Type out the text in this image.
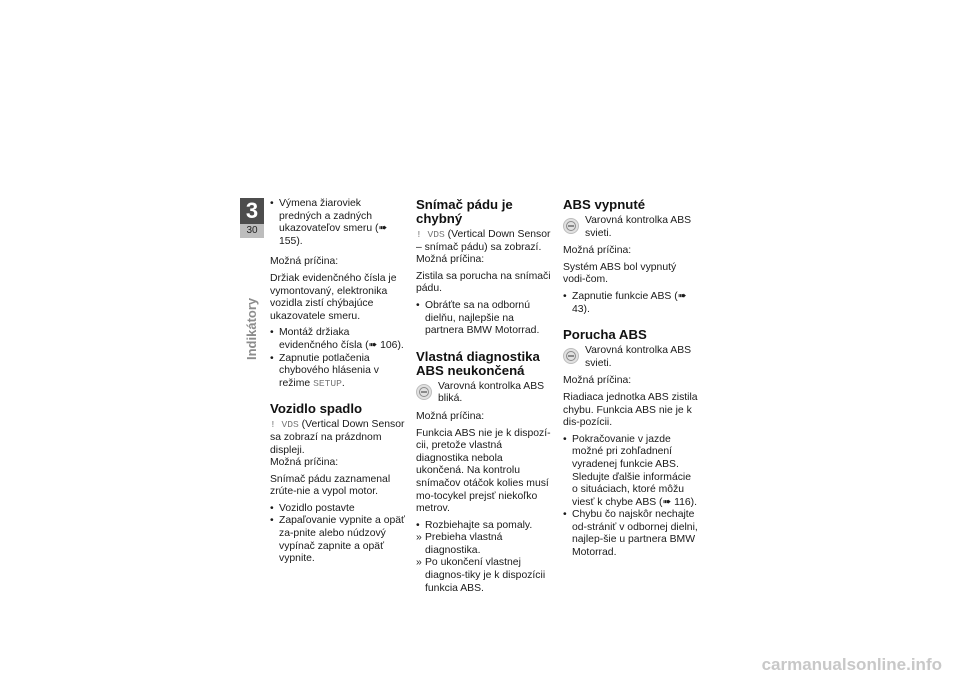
3
30
Indikátory

• Výmena žiaroviek predných a zadných ukazovateľov smeru (➠ 155).

Možná príčina:

Držiak evidenčného čísla je vymontovaný, elektronika vozidla zistí chýbajúce ukazovatele smeru.

• Montáž držiaka evidenčného čísla (➠ 106).

• Zapnutie potlačenia chybového hlásenia v režime SETUP.

Vozidlo spadlo

! VDS (Vertical Down Sensor sa zobrazí na prázdnom displeji.

Možná príčina:

Snímač pádu zaznamenal zrúte-nie a vypol motor.

• Vozidlo postavte

• Zapaľovanie vypnite a opäť za-pnite alebo núdzový vypínač zapnite a opäť vypnite.

Snímač pádu je chybný

! VDS (Vertical Down Sensor – snímač pádu) sa zobrazí.

Možná príčina:

Zistila sa porucha na snímači pádu.

• Obráťte sa na odbornú dielňu, najlepšie na partnera BMW Motorrad.

Vlastná diagnostika ABS neukončená
Varovná kontrolka ABS bliká.

Možná príčina:

Funkcia ABS nie je k dispozí-cii, pretože vlastná diagnostika nebola ukončená. Na kontrolu snímačov otáčok kolies musí mo-tocykel prejsť niekoľko metrov.

• Rozbiehajte sa pomaly.

» Prebieha vlastná diagnostika.

» Po ukončení vlastnej diagnos-tiky je k dispozícii funkcia ABS.

ABS vypnuté
Varovná kontrolka ABS svieti.

Možná príčina:

Systém ABS bol vypnutý vodi-čom.

• Zapnutie funkcie ABS (➠ 43).

Porucha ABS
Varovná kontrolka ABS svieti.

Možná príčina:

Riadiaca jednotka ABS zistila chybu. Funkcia ABS nie je k dis-pozícii.

• Pokračovanie v jazde možné pri zohľadnení vyradenej funkcie ABS. Sledujte ďalšie informácie o situáciach, ktoré môžu viesť k chybe ABS (➠ 116).

• Chybu čo najskôr nechajte od-strániť v odbornej dielni, najlep-šie u partnera BMW Motorrad.

carmanualsonline.info
